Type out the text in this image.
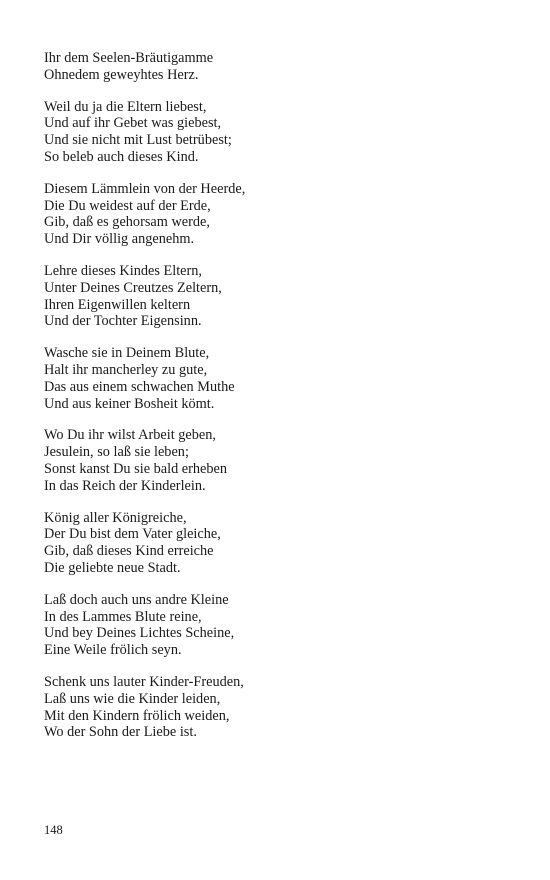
Ihr dem Seelen-Bräutigamme
Ohnedem geweyhtes Herz.
Weil du ja die Eltern liebest,
Und auf ihr Gebet was giebest,
Und sie nicht mit Lust betrübest;
So beleb auch dieses Kind.
Diesem Lämmlein von der Heerde,
Die Du weidest auf der Erde,
Gib, daß es gehorsam werde,
Und Dir völlig angenehm.
Lehre dieses Kindes Eltern,
Unter Deines Creutzes Zeltern,
Ihren Eigenwillen keltern
Und der Tochter Eigensinn.
Wasche sie in Deinem Blute,
Halt ihr mancherley zu gute,
Das aus einem schwachen Muthe
Und aus keiner Bosheit kömt.
Wo Du ihr wilst Arbeit geben,
Jesulein, so laß sie leben;
Sonst kanst Du sie bald erheben
In das Reich der Kinderlein.
König aller Königreiche,
Der Du bist dem Vater gleiche,
Gib, daß dieses Kind erreiche
Die geliebte neue Stadt.
Laß doch auch uns andre Kleine
In des Lammes Blute reine,
Und bey Deines Lichtes Scheine,
Eine Weile frölich seyn.
Schenk uns lauter Kinder-Freuden,
Laß uns wie die Kinder leiden,
Mit den Kindern frölich weiden,
Wo der Sohn der Liebe ist.
148
